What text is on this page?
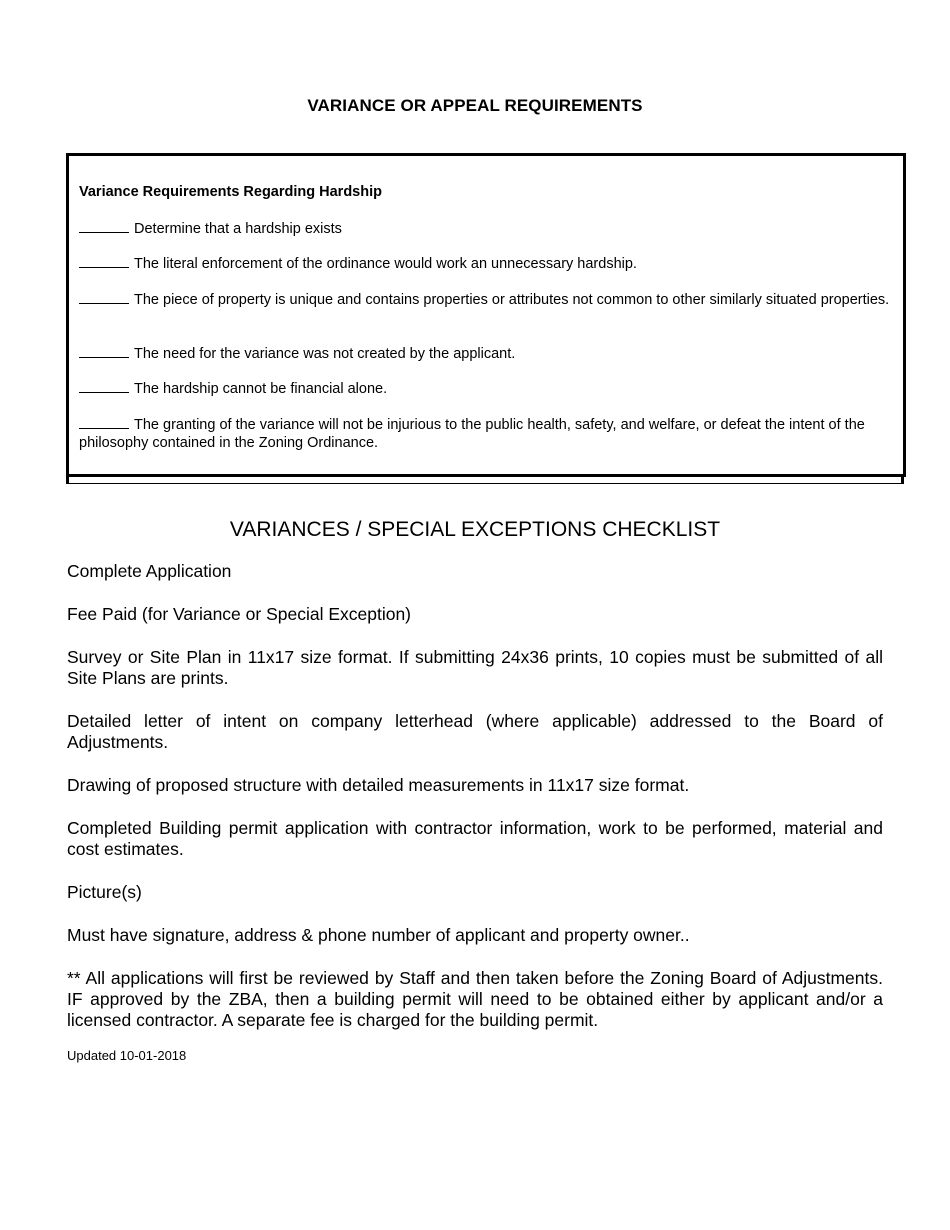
VARIANCE OR APPEAL REQUIREMENTS
Variance Requirements Regarding Hardship
Determine that a hardship exists
The literal enforcement of the ordinance would work an unnecessary hardship.
The piece of property is unique and contains properties or attributes not common to other similarly situated properties.
The need for the variance was not created by the applicant.
The hardship cannot be financial alone.
The granting of the variance will not be injurious to the public health, safety, and welfare, or defeat the intent of the philosophy contained in the Zoning Ordinance.
VARIANCES / SPECIAL EXCEPTIONS CHECKLIST
Complete Application
Fee Paid (for Variance or Special Exception)
Survey or Site Plan in 11x17 size format. If submitting 24x36 prints, 10 copies must be submitted of all Site Plans are prints.
Detailed letter of intent on company letterhead (where applicable) addressed to the Board of Adjustments.
Drawing of proposed structure with detailed measurements in 11x17 size format.
Completed Building permit application with contractor information, work to be performed, material and cost estimates.
Picture(s)
Must have signature, address & phone number of applicant and property owner..
** All applications will first be reviewed by Staff and then taken before the Zoning Board of Adjustments. IF approved by the ZBA, then a building permit will need to be obtained either by applicant and/or a licensed contractor. A separate fee is charged for the building permit.
Updated 10-01-2018
